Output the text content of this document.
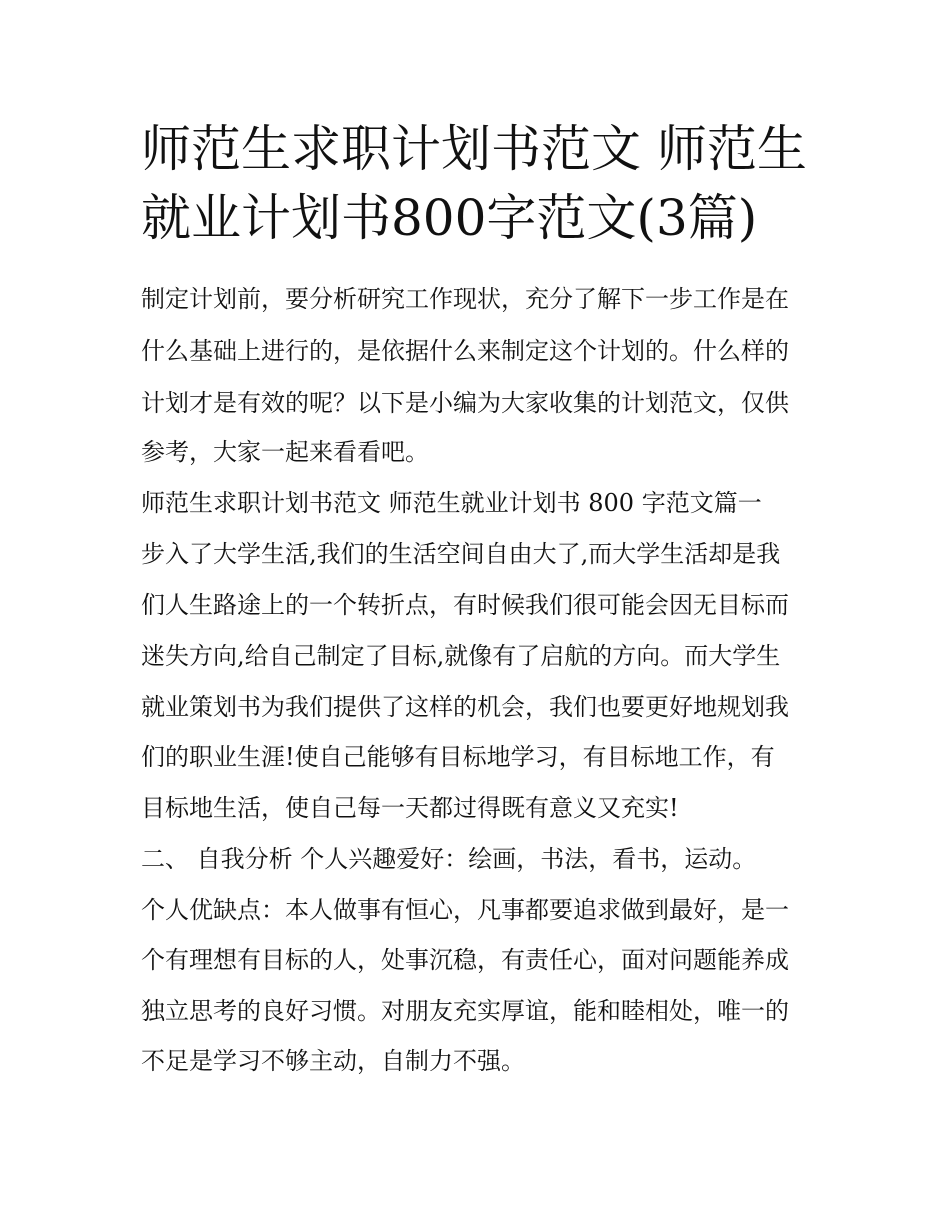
师范生求职计划书范文 师范生
就业计划书800字范文(3篇)
制定计划前，要分析研究工作现状，充分了解下一步工作是在
什么基础上进行的，是依据什么来制定这个计划的。什么样的
计划才是有效的呢？以下是小编为大家收集的计划范文，仅供
参考，大家一起来看看吧。
师范生求职计划书范文 师范生就业计划书 800 字范文篇一
步入了大学生活,我们的生活空间自由大了,而大学生活却是我
们人生路途上的一个转折点，有时候我们很可能会因无目标而
迷失方向,给自己制定了目标,就像有了启航的方向。而大学生
就业策划书为我们提供了这样的机会，我们也要更好地规划我
们的职业生涯!使自己能够有目标地学习，有目标地工作，有
目标地生活，使自己每一天都过得既有意义又充实!
二、 自我分析 个人兴趣爱好：绘画，书法，看书，运动。
个人优缺点：本人做事有恒心，凡事都要追求做到最好，是一
个有理想有目标的人，处事沉稳，有责任心，面对问题能养成
独立思考的良好习惯。对朋友充实厚谊，能和睦相处，唯一的
不足是学习不够主动，自制力不强。
